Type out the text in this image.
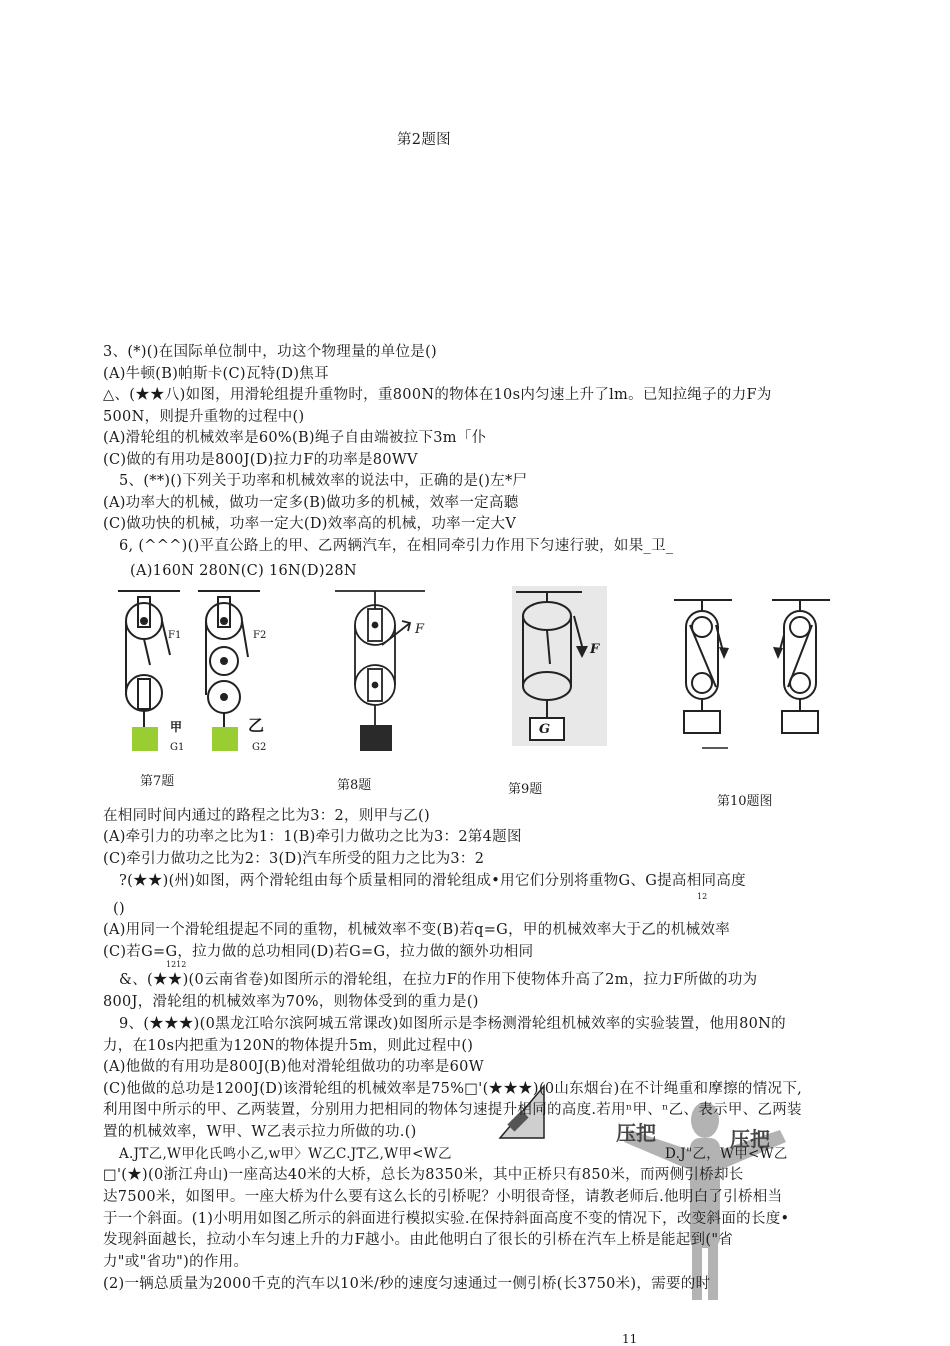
第2题图
3、(*)()在国际单位制中，功这个物理量的单位是()
(A)牛顿(B)帕斯卡(C)瓦特(D)焦耳
△、(★★八)如图，用滑轮组提升重物时，重800N的物体在10s内匀速上升了lm。已知拉绳子的力F为
500N，则提升重物的过程中()
(A)滑轮组的机械效率是60%(B)绳子自由端被拉下3m「仆
(C)做的有用功是800J(D)拉力F的功率是80WV
5、(**)()下列关于功率和机械效率的说法中，正确的是()左*尸
(A)功率大的机械，做功一定多(B)做功多的机械，效率一定高聽
(C)做功快的机械，功率一定大(D)效率高的机械，功率一定大V
6, (^^^)()平直公路上的甲、乙两辆汽车，在相同牵引力作用下匀速行驶，如果_卫_
(A)160N 280N(C) 16N(D)28N
F1	F2
甲	乙
G1	G2
第7题
F
第8题
F
G
第9题
第10题图
在相同时间内通过的路程之比为3：2，则甲与乙()
(A)牵引力的功率之比为1：1(B)牵引力做功之比为3：2第4题图
(C)牵引力做功之比为2：3(D)汽车所受的阻力之比为3：2
?(★★)(州)如图，两个滑轮组由每个质量相同的滑轮组成•用它们分别将重物G、G提高相同高度
12
()
(A)用同一个滑轮组提起不同的重物，机械效率不变(B)若q=G，甲的机械效率大于乙的机械效率
(C)若G=G，拉力做的总功相同(D)若G=G，拉力做的额外功相同
1212
&、(★★)(0云南省卷)如图所示的滑轮组，在拉力F的作用下使物体升高了2m，拉力F所做的功为
800J，滑轮组的机械效率为70%，则物体受到的重力是()
9、(★★★)(0黑龙江哈尔滨阿城五常课改)如图所示是李杨测滑轮组机械效率的实验装置，他用80N的
力，在10s内把重为120N的物体提升5m，则此过程中()
(A)他做的有用功是800J(B)他对滑轮组做功的功率是60W
压把	压把
(C)他做的总功是1200J(D)该滑轮组的机械效率是75%□'(★★★)(0山东烟台)在不计绳重和摩擦的情况下,
利用图中所示的甲、乙两装置，分别用力把相同的物体匀速提升相同的高度.若用ⁿ甲、ⁿ乙、表示甲、乙两装
置的机械效率，W甲、W乙表示拉力所做的功.()
A.JT乙,W甲化氏鸣小乙,w甲〉W乙C.JT乙,W甲<W乙	D.J"乙，W甲<W乙
□'(★)(0浙江舟山)一座高达40米的大桥，总长为8350米，其中正桥只有850米，而两侧引桥却长
达7500米，如图甲。一座大桥为什么要有这么长的引桥呢？小明很奇怪，请教老师后.他明白了引桥相当
于一个斜面。(1)小明用如图乙所示的斜面进行模拟实验.在保持斜面高度不变的情况下，改变斜面的长度•
发现斜面越长，拉动小车匀速上升的力F越小。由此他明白了很长的引桥在汽车上桥是能起到("省
力"或"省功")的作用。
(2)一辆总质量为2000千克的汽车以10米/秒的速度匀速通过一侧引桥(长3750米)，需要的时
11
